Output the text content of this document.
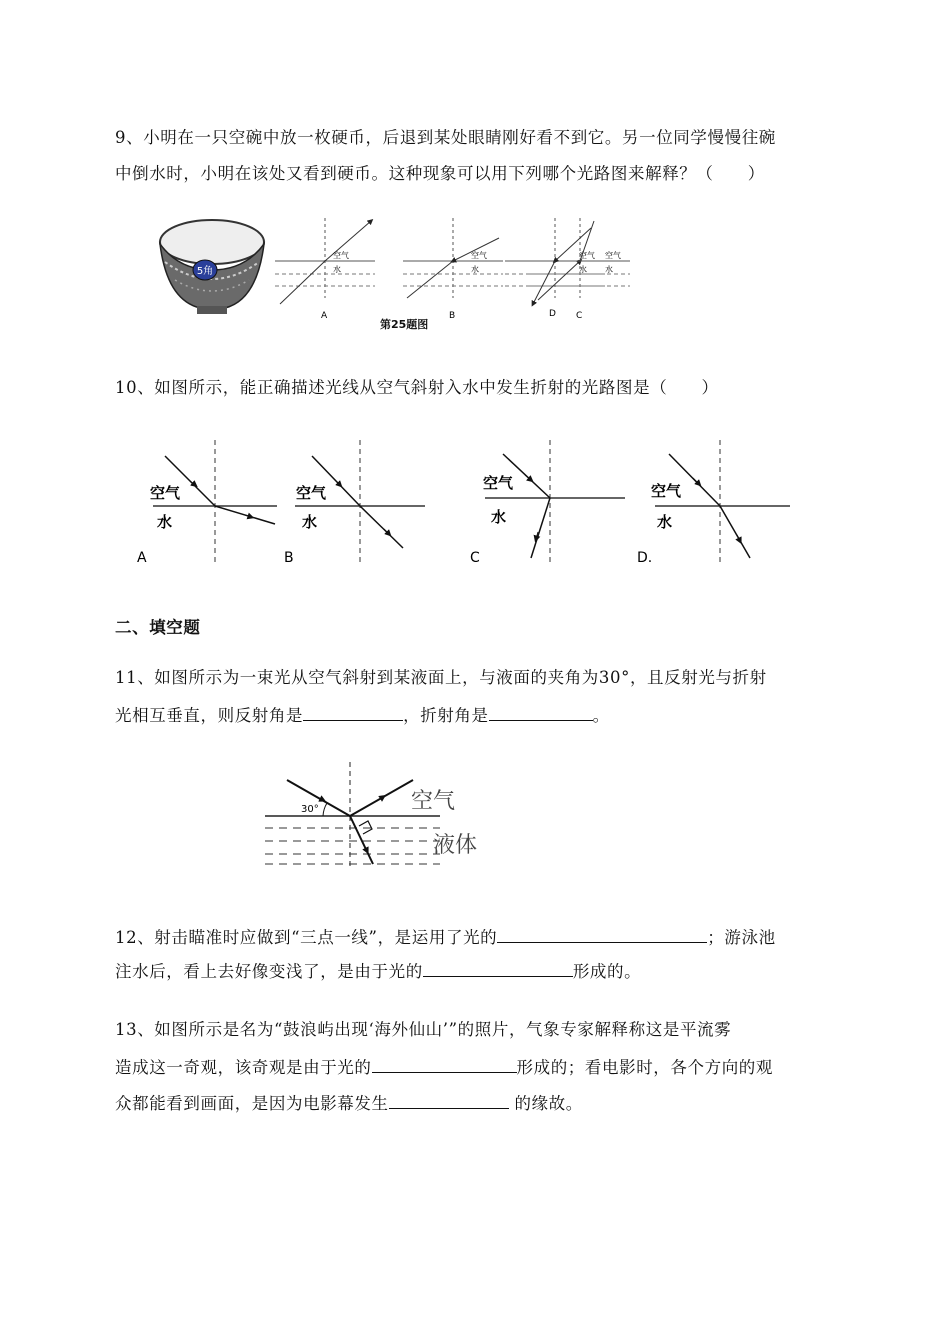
9、小明在一只空碗中放一枚硬币，后退到某处眼睛刚好看不到它。另一位同学慢慢往碗
中倒水时，小明在该处又看到硬币。这种现象可以用下列哪个光路图来解释？（　　）
5角
空气
水
A
空气
水
B
空气
水
C
空气
水
D
第25题图
10、如图所示，能正确描述光线从空气斜射入水中发生折射的光路图是（　　）
空气
水
A
空气
水
B
空气
水
C
空气
水
D.
二、填空题
11、如图所示为一束光从空气斜射到某液面上，与液面的夹角为30°，且反射光与折射
光相互垂直，则反射角是	，折射角是	。
30°	空气
液体
12、射击瞄准时应做到“三点一线”，是运用了光的	；游泳池
注水后，看上去好像变浅了，是由于光的	形成的。
13、如图所示是名为“鼓浪屿出现‘海外仙山’”的照片，气象专家解释称这是平流雾
造成这一奇观，该奇观是由于光的	形成的；看电影时，各个方向的观
众都能看到画面，是因为电影幕发生	的缘故。
